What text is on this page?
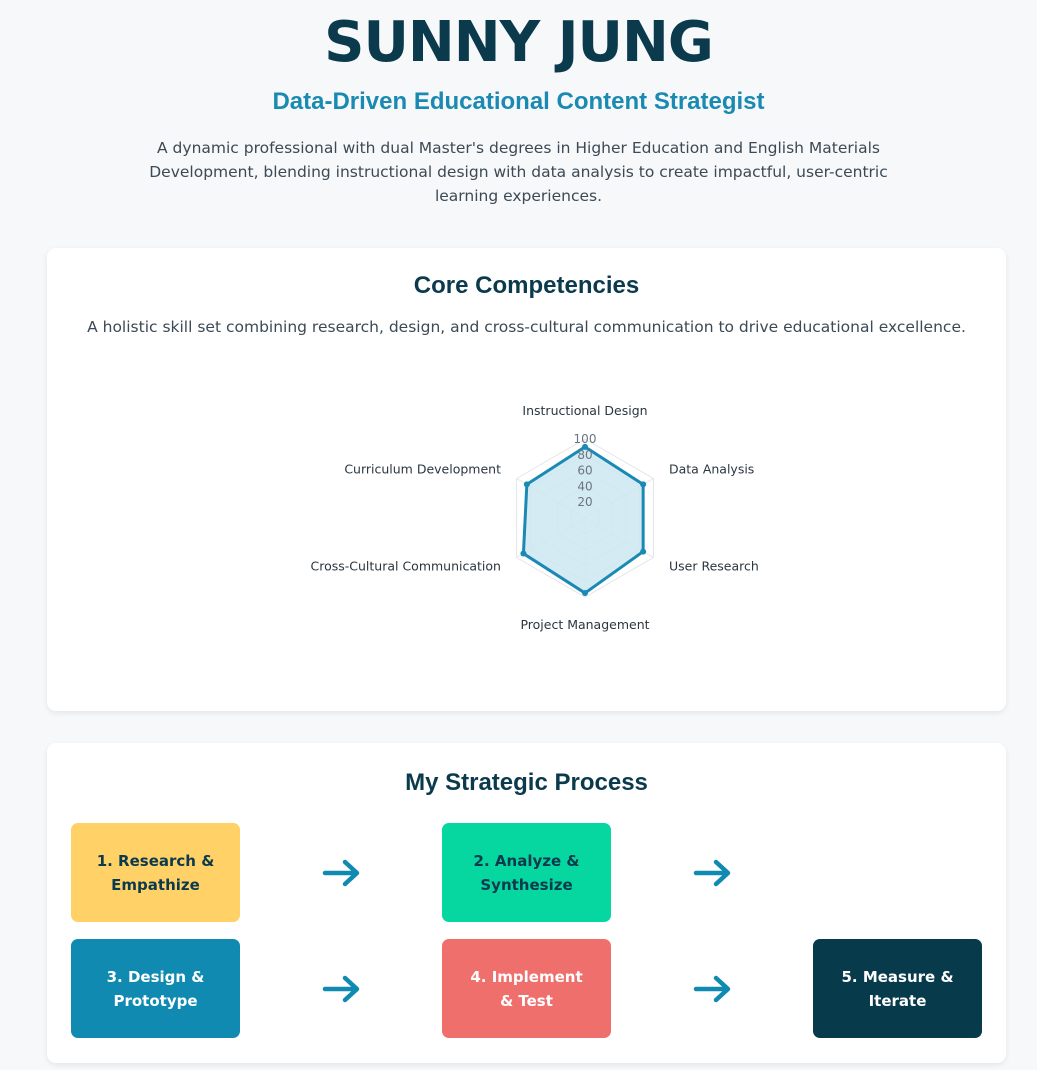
SUNNY JUNG
Data-Driven Educational Content Strategist
A dynamic professional with dual Master's degrees in Higher Education and English Materials Development, blending instructional design with data analysis to create impactful, user-centric learning experiences.
Core Competencies
A holistic skill set combining research, design, and cross-cultural communication to drive educational excellence.
20
40
60
80
100
Instructional Design
Data Analysis
User Research
Project Management
Cross-Cultural Communication
Curriculum Development
My Strategic Process
1. Research & Empathize
2. Analyze & Synthesize
3. Design & Prototype
4. Implement & Test
5. Measure & Iterate
